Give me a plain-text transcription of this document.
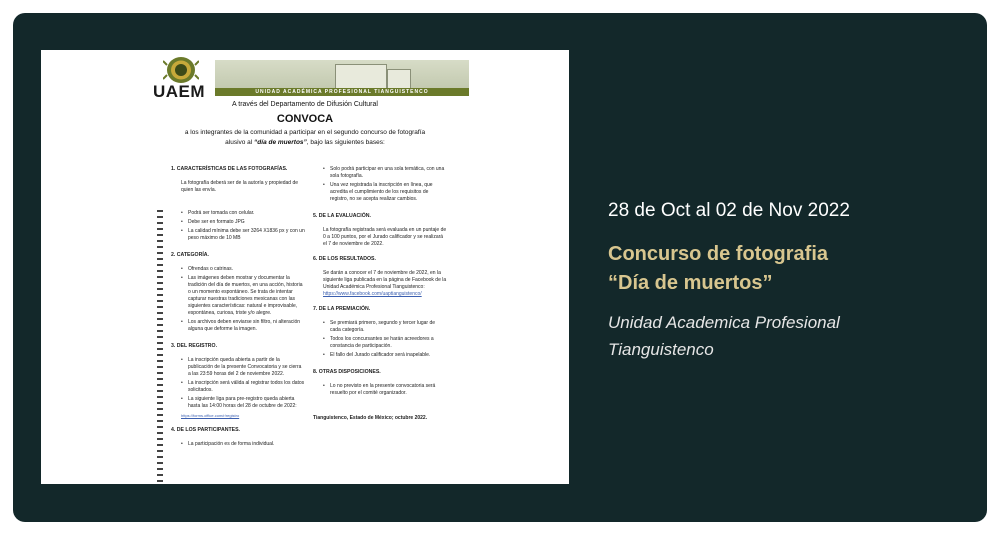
UAEM	UNIDAD ACADÉMICA PROFESIONAL TIANGUISTENCO
A través del Departamento de Difusión Cultural
CONVOCA
a los integrantes de la comunidad a participar en el segundo concurso de fotografía
alusivo al “día de muertos”, bajo las siguientes bases:
1. CARACTERÍSTICAS DE LAS FOTOGRAFÍAS.
La fotografía deberá ser de la autoría y propiedad de quien las envía.
• Podrá ser tomada con celular.
• Debe ser en formato JPG
• La calidad mínima debe ser 3264 X1836 px y con un peso máximo de 10 MB
2. CATEGORÍA.
• Ofrendas o catrinas.
• Las imágenes deben mostrar y documentar la tradición del día de muertos, en una acción, historia o un momento espontáneo. Se trata de intentar capturar nuestras tradiciones mexicanas con las siguientes características: natural e improvisable, espontánea, curiosa, triste y/o alegre.
• Los archivos deben enviarse sin filtro, ni alteración alguna que deforme la imagen.
3. DEL REGISTRO.
• La inscripción queda abierta a partir de la publicación de la presente Convocatoria y se cierra a las 23:59 horas del 2 de noviembre 2022.
• La inscripción será válida al registrar todos los datos solicitados.
• La siguiente liga para pre-registro queda abierta hasta las 14:00 horas del 28 de octubre de 2022:
https://forms.office.com/r/registro
4. DE LOS PARTICIPANTES.
• La participación es de forma individual.
• Solo podrá participar en una sola temática, con una sola fotografía.
• Una vez registrada la inscripción en línea, que acredita el cumplimiento de los requisitos de registro, no se acepta realizar cambios.
5. DE LA EVALUACIÓN.
La fotografía registrada será evaluada en un puntaje de 0 a 100 puntos, por el Jurado calificador y se realizará el 7 de noviembre de 2022.
6. DE LOS RESULTADOS.
Se darán a conocer el 7 de noviembre de 2022, en la siguiente liga publicada en la página de Facebook de la Unidad Académica Profesional Tianguistenco:
https://www.facebook.com/uaptianguistenco/
7. DE LA PREMIACIÓN.
• Se premiará primero, segundo y tercer lugar de cada categoría.
• Todos los concursantes se harán acreedores a constancia de participación.
• El fallo del Jurado calificador será inapelable.
8. OTRAS DISPOSICIONES.
• Lo no previsto en la presente convocatoria será resuelto por el comité organizador.
Tianguistenco, Estado de México; octubre 2022.
28 de Oct al 02 de Nov 2022
Concurso de fotografia
“Día de muertos”
Unidad Academica Profesional
Tianguistenco
